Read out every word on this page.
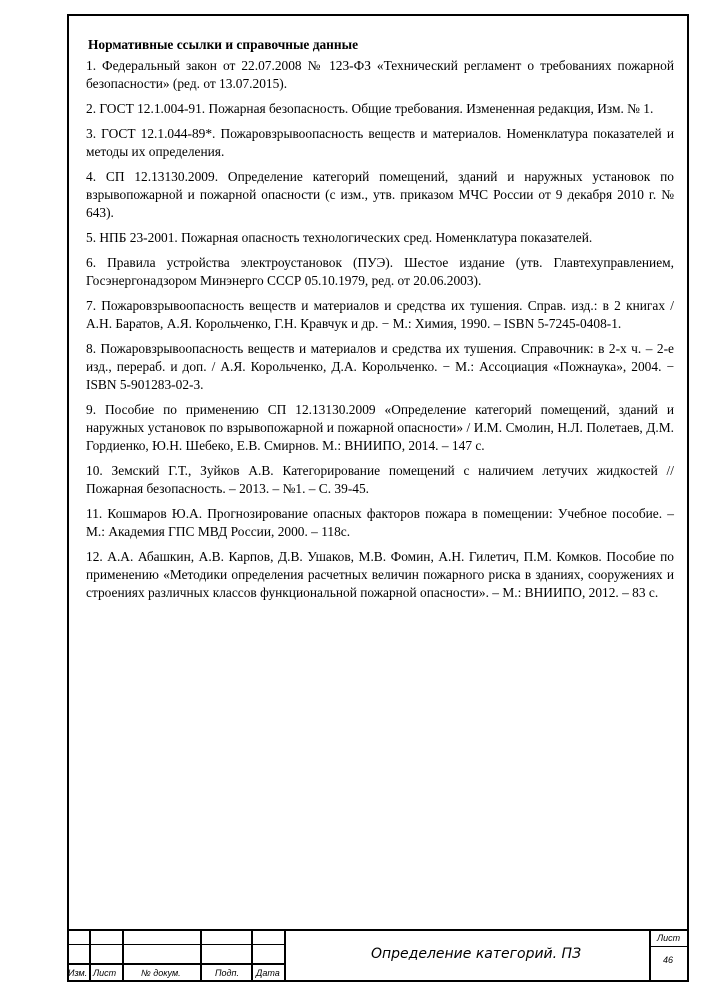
Нормативные ссылки и справочные данные
1. Федеральный закон от 22.07.2008 № 123-ФЗ «Технический регламент о требованиях пожарной безопасности» (ред. от 13.07.2015).
2. ГОСТ 12.1.004-91. Пожарная безопасность. Общие требования. Измененная редакция, Изм. № 1.
3. ГОСТ 12.1.044-89*. Пожаровзрывоопасность веществ и материалов. Номенклатура показателей и методы их определения.
4. СП 12.13130.2009. Определение категорий помещений, зданий и наружных установок по взрывопожарной и пожарной опасности (с изм., утв. приказом МЧС России от 9 декабря 2010 г. № 643).
5. НПБ 23-2001. Пожарная опасность технологических сред. Номенклатура показателей.
6. Правила устройства электроустановок (ПУЭ). Шестое издание (утв. Главтехуправлением, Госэнергонадзором Минэнерго СССР 05.10.1979, ред. от 20.06.2003).
7. Пожаровзрывоопасность веществ и материалов и средства их тушения. Справ. изд.: в 2 книгах / А.Н. Баратов, А.Я. Корольченко, Г.Н. Кравчук и др. − М.: Химия, 1990. – ISBN 5-7245-0408-1.
8. Пожаровзрывоопасность веществ и материалов и средства их тушения. Справочник: в 2-х ч. – 2-е изд., перераб. и доп. / А.Я. Корольченко, Д.А. Корольченко. − М.: Ассоциация «Пожнаука», 2004. − ISBN 5-901283-02-3.
9. Пособие по применению СП 12.13130.2009 «Определение категорий помещений, зданий и наружных установок по взрывопожарной и пожарной опасности» / И.М. Смолин, Н.Л. Полетаев, Д.М. Гордиенко, Ю.Н. Шебеко, Е.В. Смирнов. М.: ВНИИПО, 2014. – 147 с.
10. Земский Г.Т., Зуйков А.В. Категорирование помещений с наличием летучих жидкостей // Пожарная безопасность. – 2013. – №1. – С. 39-45.
11. Кошмаров Ю.А. Прогнозирование опасных факторов пожара в помещении: Учебное пособие. – М.: Академия ГПС МВД России, 2000. – 118с.
12. А.А. Абашкин, А.В. Карпов, Д.В. Ушаков, М.В. Фомин, А.Н. Гилетич, П.М. Комков. Пособие по применению «Методики определения расчетных величин пожарного риска в зданиях, сооружениях и строениях различных классов функциональной пожарной опасности». – М.: ВНИИПО, 2012. – 83 с.
Изм. Лист	№ докум.	Подп. Дата
Определение категорий. ПЗ
Лист
46
